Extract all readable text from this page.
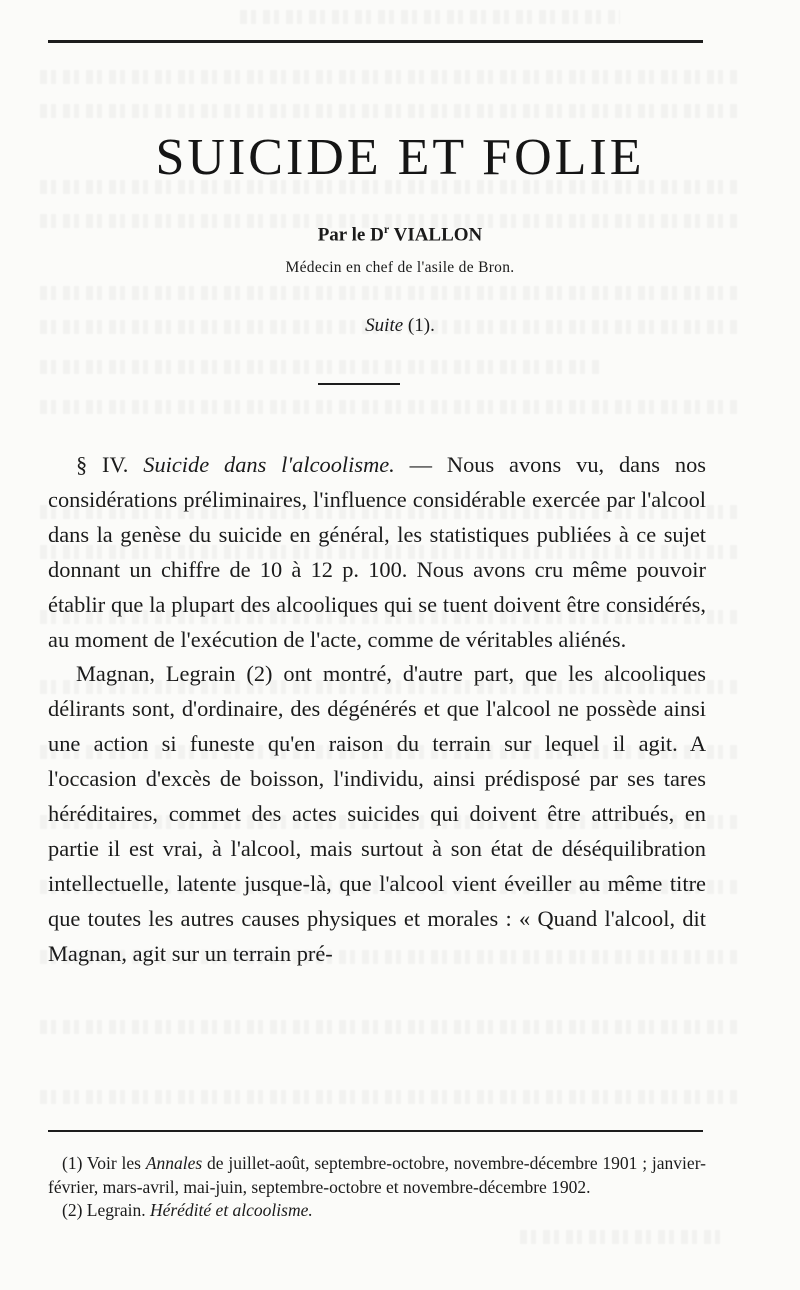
SUICIDE ET FOLIE
Par le $D^r$ VIALLON
Médecin en chef de l'asile de Bron.
Suite (1).

§ IV. Suicide dans l'alcoolisme. — Nous avons vu, dans nos considérations préliminaires, l'influence considérable exercée par l'alcool dans la genèse du suicide en général, les statistiques publiées à ce sujet donnant un chiffre de 10 à 12 p. 100. Nous avons cru même pouvoir établir que la plupart des alcooliques qui se tuent doivent être considérés, au moment de l'exécution de l'acte, comme de véritables aliénés.

Magnan, Legrain (2) ont montré, d'autre part, que les alcooliques délirants sont, d'ordinaire, des dégénérés et que l'alcool ne possède ainsi une action si funeste qu'en raison du terrain sur lequel il agit. A l'occasion d'excès de boisson, l'individu, ainsi prédisposé par ses tares héréditaires, commet des actes suicides qui doivent être attribués, en partie il est vrai, à l'alcool, mais surtout à son état de déséquilibration intellectuelle, latente jusque-là, que l'alcool vient éveiller au même titre que toutes les autres causes physiques et morales : « Quand l'alcool, dit Magnan, agit sur un terrain pré-

(1) Voir les Annales de juillet-août, septembre-octobre, novembre-décembre 1901 ; janvier-février, mars-avril, mai-juin, septembre-octobre et novembre-décembre 1902.

(2) Legrain. Hérédité et alcoolisme.
